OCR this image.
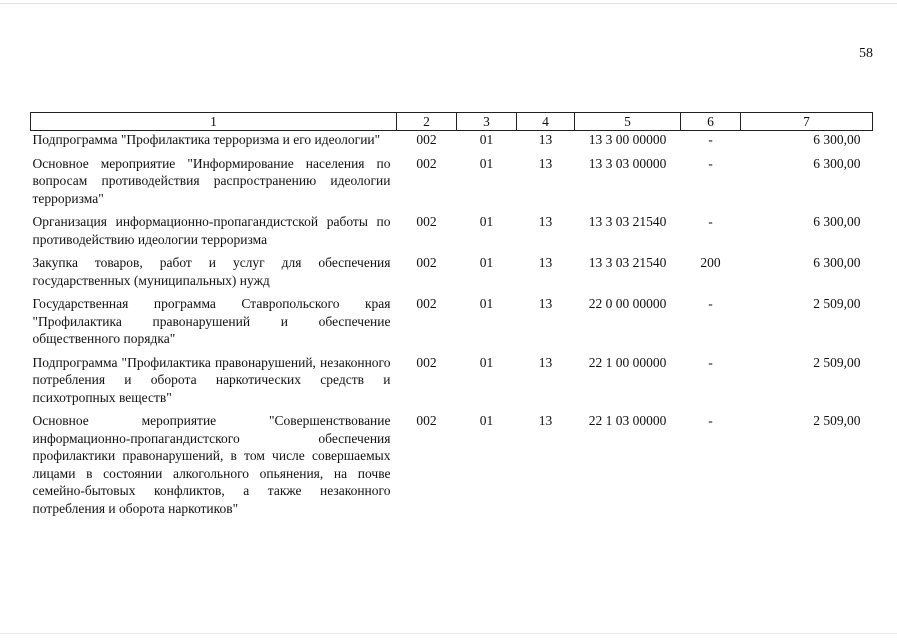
58
1	2	3	4	5	6	7
Подпрограмма "Профилактика терроризма и его идеологии"	002	01	13	13 3 00 00000	-	6 300,00
Основное мероприятие "Информирование населения по вопросам противодействия распространению идеологии терроризма"	002	01	13	13 3 03 00000	-	6 300,00
Организация информационно-пропагандистской работы по противодействию идеологии терроризма	002	01	13	13 3 03 21540	-	6 300,00
Закупка товаров, работ и услуг для обеспечения государственных (муниципальных) нужд	002	01	13	13 3 03 21540	200	6 300,00
Государственная программа Ставропольского края "Профилактика правонарушений и обеспечение общественного порядка"	002	01	13	22 0 00 00000	-	2 509,00
Подпрограмма "Профилактика правонарушений, незаконного потребления и оборота наркотических средств и психотропных веществ"	002	01	13	22 1 00 00000	-	2 509,00
Основное мероприятие "Совершенствование информационно-пропагандистского обеспечения профилактики правонарушений, в том числе совершаемых лицами в состоянии алкогольного опьянения, на почве семейно-бытовых конфликтов, а также незаконного потребления и оборота наркотиков"	002	01	13	22 1 03 00000	-	2 509,00
